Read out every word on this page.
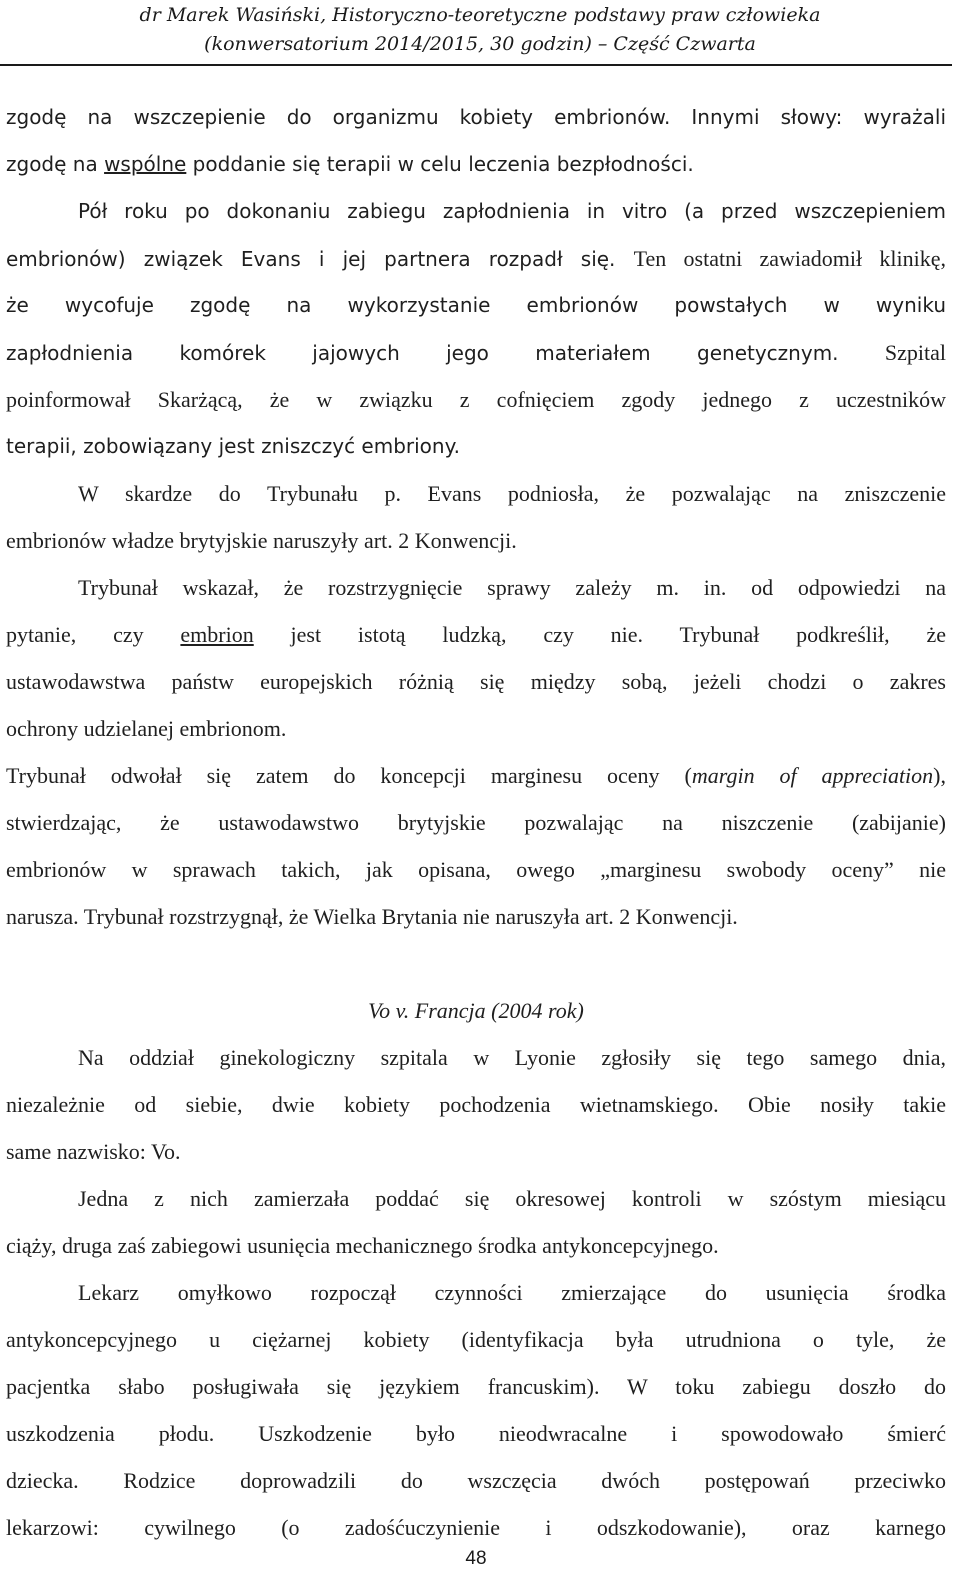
dr Marek Wasiński, Historyczno-teoretyczne podstawy praw człowieka
(konwersatorium 2014/2015, 30 godzin) – Część Czwarta
zgodę na wszczepienie do organizmu kobiety embrionów. Innymi słowy: wyrażali
zgodę na wspólne poddanie się terapii w celu leczenia bezpłodności.
Pół roku po dokonaniu zabiegu zapłodnienia in vitro (a przed wszczepieniem
embrionów) związek Evans i jej partnera rozpadł się. Ten ostatni zawiadomił klinikę,
że wycofuje zgodę na wykorzystanie embrionów powstałych w wyniku
zapłodnienia komórek jajowych jego materiałem genetycznym. Szpital
poinformował Skarżącą, że w związku z cofnięciem zgody jednego z uczestników
terapii, zobowiązany jest zniszczyć embriony.
W skardze do Trybunału p. Evans podniosła, że pozwalając na zniszczenie
embrionów władze brytyjskie naruszyły art. 2 Konwencji.
Trybunał wskazał, że rozstrzygnięcie sprawy zależy m. in. od odpowiedzi na
pytanie, czy embrion jest istotą ludzką, czy nie. Trybunał podkreślił, że
ustawodawstwa państw europejskich różnią się między sobą, jeżeli chodzi o zakres
ochrony udzielanej embrionom.
Trybunał odwołał się zatem do koncepcji marginesu oceny (margin of appreciation),
stwierdzając, że ustawodawstwo brytyjskie pozwalając na niszczenie (zabijanie)
embrionów w sprawach takich, jak opisana, owego „marginesu swobody oceny” nie
narusza. Trybunał rozstrzygnął, że Wielka Brytania nie naruszyła art. 2 Konwencji.
Vo v. Francja (2004 rok)
Na oddział ginekologiczny szpitala w Lyonie zgłosiły się tego samego dnia,
niezależnie od siebie, dwie kobiety pochodzenia wietnamskiego. Obie nosiły takie
same nazwisko: Vo.
Jedna z nich zamierzała poddać się okresowej kontroli w szóstym miesiącu
ciąży, druga zaś zabiegowi usunięcia mechanicznego środka antykoncepcyjnego.
Lekarz omyłkowo rozpoczął czynności zmierzające do usunięcia środka
antykoncepcyjnego u ciężarnej kobiety (identyfikacja była utrudniona o tyle, że
pacjentka słabo posługiwała się językiem francuskim). W toku zabiegu doszło do
uszkodzenia płodu. Uszkodzenie było nieodwracalne i spowodowało śmierć
dziecka. Rodzice doprowadzili do wszczęcia dwóch postępowań przeciwko
lekarzowi: cywilnego (o zadośćuczynienie i odszkodowanie), oraz karnego
48
